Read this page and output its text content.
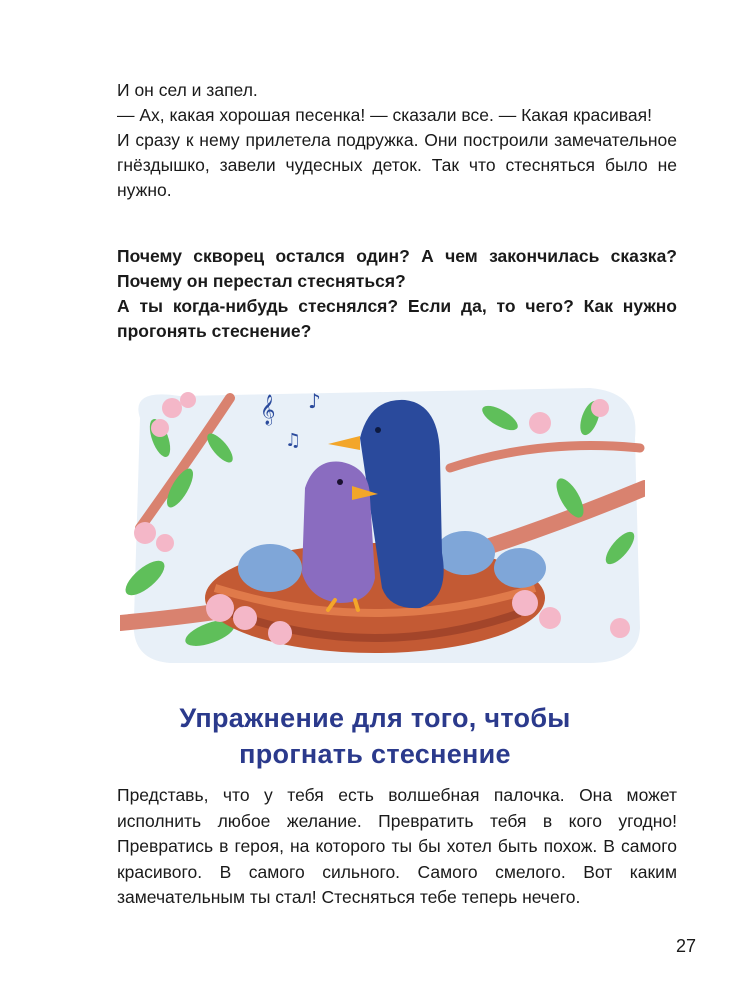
И он сел и запел.

— Ах, какая хорошая песенка! — сказали все. — Какая красивая!

И сразу к нему прилетела подружка. Они построили замечательное гнёздышко, завели чудесных деток. Так что стесняться было не нужно.

Почему скворец остался один? А чем закончилась сказка? Почему он перестал стесняться?

А ты когда-нибудь стеснялся? Если да, то чего? Как нужно прогонять стеснение?

𝄞 ♪
♫
Упражнение для того, чтобы
прогнать стеснение

Представь, что у тебя есть волшебная палочка. Она может исполнить любое желание. Превратить тебя в кого угодно! Превратись в героя, на которого ты бы хотел быть похож. В самого красивого. В самого сильного. Самого смелого. Вот каким замечательным ты стал! Стесняться тебе теперь нечего.

27
